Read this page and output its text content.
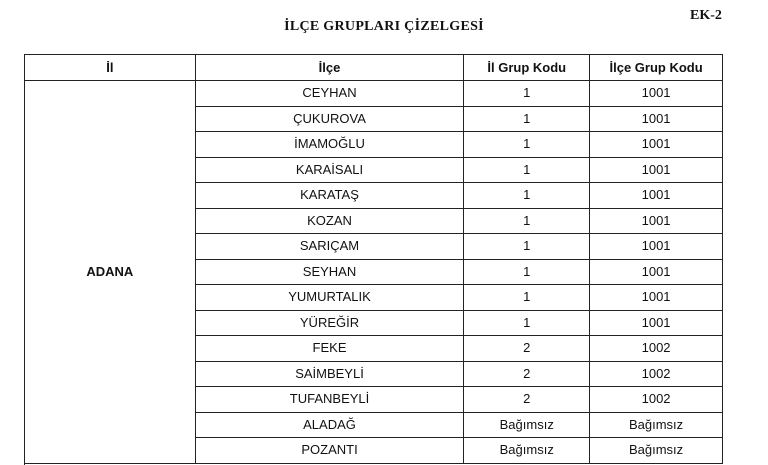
EK-2
İLÇE GRUPLARI ÇİZELGESİ
İl	İlçe	İl Grup Kodu	İlçe Grup Kodu
ADANA	CEYHAN	1	1001
	ÇUKUROVA	1	1001
	İMAMOĞLU	1	1001
	KARAİSALI	1	1001
	KARATAŞ	1	1001
	KOZAN	1	1001
	SARIÇAM	1	1001
	SEYHAN	1	1001
	YUMURTALIK	1	1001
	YÜREĞİR	1	1001
	FEKE	2	1002
	SAİMBEYLİ	2	1002
	TUFANBEYLİ	2	1002
	ALADAĞ	Bağımsız	Bağımsız
	POZANTI	Bağımsız	Bağımsız
